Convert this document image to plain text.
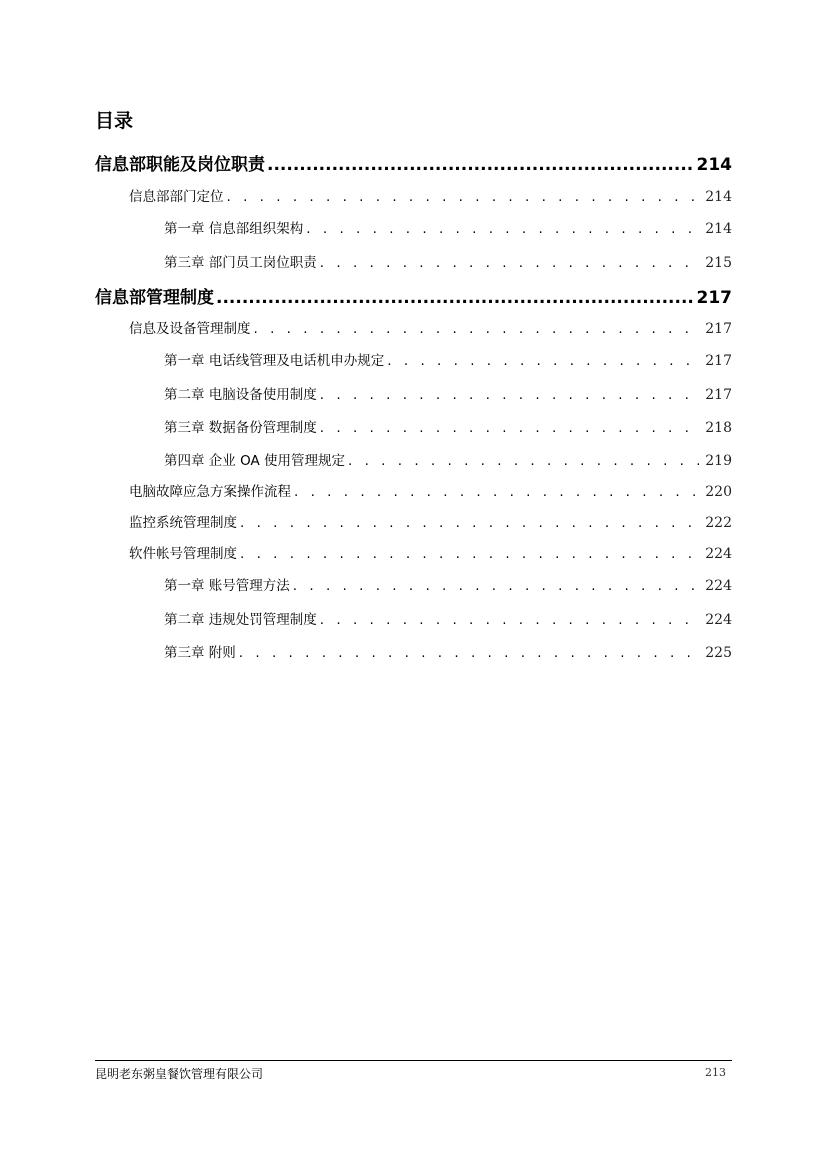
目录
信息部职能及岗位职责 .....	214
信息部部门定位 . . .	214
第一章 信息部组织架构 . . .	214
第三章 部门员工岗位职责 . . .	215
信息部管理制度 .....	217
信息及设备管理制度 . . .	217
第一章 电话线管理及电话机申办规定 . . .	217
第二章 电脑设备使用制度 . . .	217
第三章 数据备份管理制度 . . .	218
第四章 企业 OA 使用管理规定 . . .	219
电脑故障应急方案操作流程 . . .	220
监控系统管理制度 . . .	222
软件帐号管理制度 . . .	224
第一章 账号管理方法 . . .	224
第二章 违规处罚管理制度 . . .	224
第三章 附则 . . .	225
昆明老东粥皇餐饮管理有限公司	213
